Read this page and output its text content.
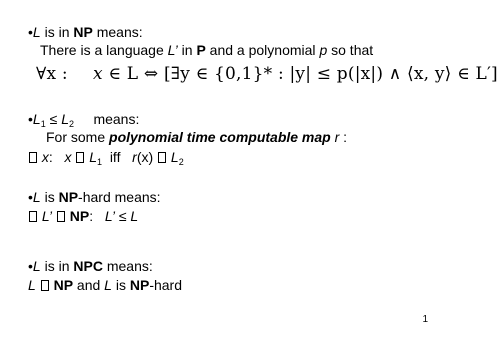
•L is in NP means:
There is a language L’ in P and a polynomial p so that
∀x : x ∈ L ⇔ [∃y ∈ {0,1}* : |y| ≤ p(|x|) ∧ ⟨x, y⟩ ∈ L′]
$•L_1 \le L_2$     means:
For some polynomial time computable map r :
x:   x  $L_1$  iff   r(x)  $L_2$
•L is NP-hard means:
L’ NP:   L’ ≤ L
•L is in NPC means:
L NP and L is NP-hard
1
